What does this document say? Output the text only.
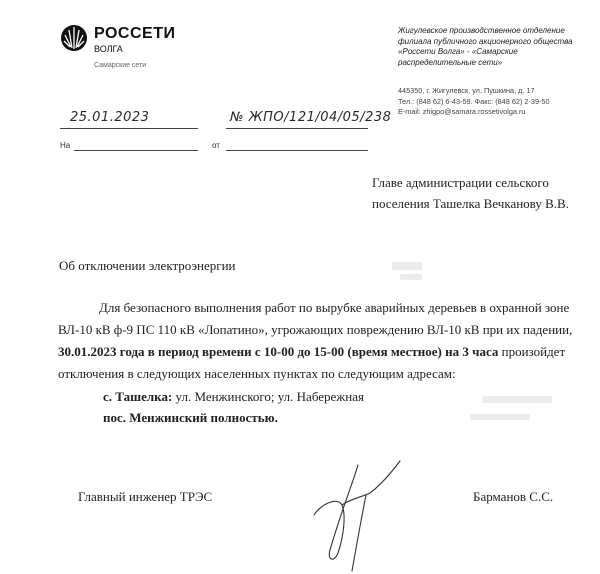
РОССЕТИ
ВОЛГА
Самарские сети
Жигулевское производственное отделение
филиала публичного акционерного общества
«Россети Волга» - «Самарские
распределительные сети»
445350, г. Жигулевск, ул. Пушкина, д. 17
Тел.: (848 62) 6-43-59. Факс: (848 62) 2-39-50
E-mail: zhigpo@samara.rossetivolga.ru
25.01.2023	№ ЖПО/121/04/05/238
На	от
Главе администрации сельского
поселения Ташелка Вечканову В.В.
Об отключении электроэнергии
Для безопасного выполнения работ по вырубке аварийных деревьев в охранной зоне
ВЛ-10 кВ ф-9 ПС 110 кВ «Лопатино», угрожающих повреждению ВЛ-10 кВ при их падении,
30.01.2023 года в период времени с 10-00 до 15-00 (время местное) на 3 часа произойдет
отключения в следующих населенных пунктах по следующим адресам:
с. Ташелка: ул. Менжинского; ул. Набережная
пос. Менжинский полностью.
Главный инженер ТРЭС	Барманов С.С.
